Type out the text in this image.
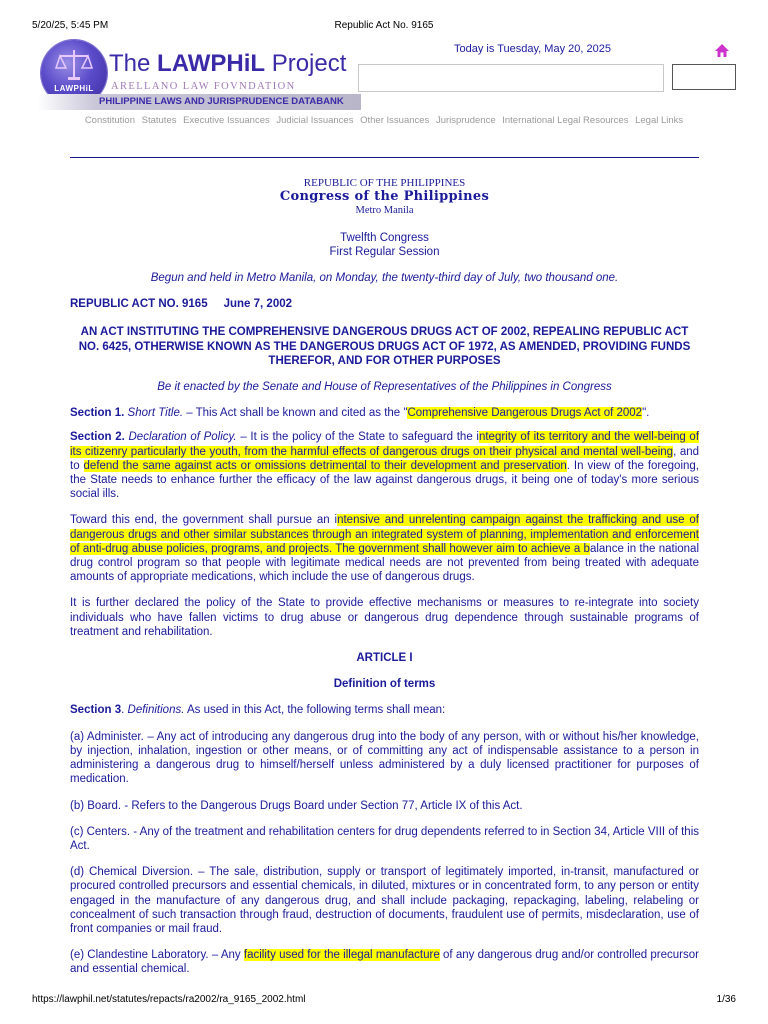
5/20/25, 5:45 PM	Republic Act No. 9165
LAWPHiL
The LAWPHiL Project
ARELLANO LAW FOVNDATION
PHILIPPINE LAWS AND JURISPRUDENCE DATABANK
Today is Tuesday, May 20, 2025
Constitution Statutes Executive Issuances Judicial Issuances Other Issuances Jurisprudence International Legal Resources Legal Links
REPUBLIC OF THE PHILIPPINES
Congress of the Philippines
Metro Manila
Twelfth Congress
First Regular Session
Begun and held in Metro Manila, on Monday, the twenty-third day of July, two thousand one.
REPUBLIC ACT NO. 9165 June 7, 2002
AN ACT INSTITUTING THE COMPREHENSIVE DANGEROUS DRUGS ACT OF 2002, REPEALING REPUBLIC ACT NO. 6425, OTHERWISE KNOWN AS THE DANGEROUS DRUGS ACT OF 1972, AS AMENDED, PROVIDING FUNDS THEREFOR, AND FOR OTHER PURPOSES
Be it enacted by the Senate and House of Representatives of the Philippines in Congress

Section 1. Short Title. – This Act shall be known and cited as the "Comprehensive Dangerous Drugs Act of 2002".

Section 2. Declaration of Policy. – It is the policy of the State to safeguard the integrity of its territory and the well-being of its citizenry particularly the youth, from the harmful effects of dangerous drugs on their physical and mental well-being, and to defend the same against acts or omissions detrimental to their development and preservation. In view of the foregoing, the State needs to enhance further the efficacy of the law against dangerous drugs, it being one of today's more serious social ills.

Toward this end, the government shall pursue an intensive and unrelenting campaign against the trafficking and use of dangerous drugs and other similar substances through an integrated system of planning, implementation and enforcement of anti-drug abuse policies, programs, and projects. The government shall however aim to achieve a balance in the national drug control program so that people with legitimate medical needs are not prevented from being treated with adequate amounts of appropriate medications, which include the use of dangerous drugs.

It is further declared the policy of the State to provide effective mechanisms or measures to re-integrate into society individuals who have fallen victims to drug abuse or dangerous drug dependence through sustainable programs of treatment and rehabilitation.

ARTICLE I
Definition of terms

Section 3. Definitions. As used in this Act, the following terms shall mean:

(a) Administer. – Any act of introducing any dangerous drug into the body of any person, with or without his/her knowledge, by injection, inhalation, ingestion or other means, or of committing any act of indispensable assistance to a person in administering a dangerous drug to himself/herself unless administered by a duly licensed practitioner for purposes of medication.

(b) Board. - Refers to the Dangerous Drugs Board under Section 77, Article IX of this Act.

(c) Centers. - Any of the treatment and rehabilitation centers for drug dependents referred to in Section 34, Article VIII of this Act.

(d) Chemical Diversion. – The sale, distribution, supply or transport of legitimately imported, in-transit, manufactured or procured controlled precursors and essential chemicals, in diluted, mixtures or in concentrated form, to any person or entity engaged in the manufacture of any dangerous drug, and shall include packaging, repackaging, labeling, relabeling or concealment of such transaction through fraud, destruction of documents, fraudulent use of permits, misdeclaration, use of front companies or mail fraud.

(e) Clandestine Laboratory. – Any facility used for the illegal manufacture of any dangerous drug and/or controlled precursor and essential chemical.

https://lawphil.net/statutes/repacts/ra2002/ra_9165_2002.html	1/36
